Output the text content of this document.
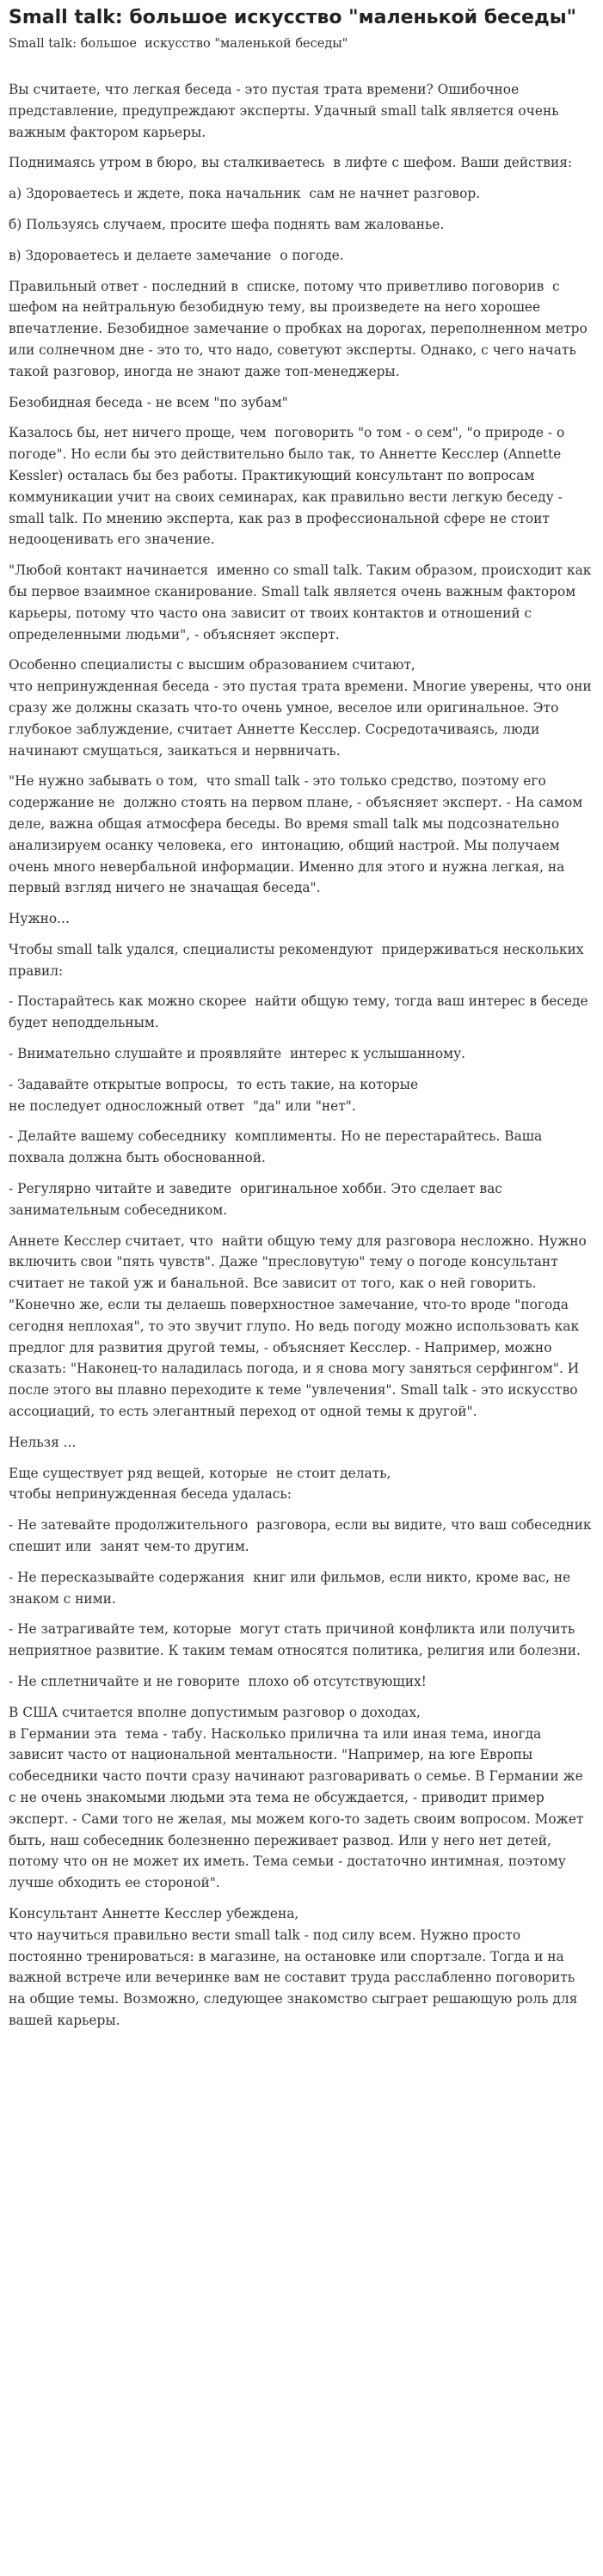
Small talk: большое искусство "маленькой беседы"

Small talk: большое  искусство "маленькой беседы"

Вы считаете, что легкая беседа - это пустая трата времени? Ошибочное представление, предупреждают эксперты. Удачный small talk является очень важным фактором карьеры.

Поднимаясь утром в бюро, вы сталкиваетесь  в лифте с шефом. Ваши действия:

а) Здороваетесь и ждете, пока начальник  сам не начнет разговор.

б) Пользуясь случаем, просите шефа поднять вам жалованье.

в) Здороваетесь и делаете замечание  о погоде.

Правильный ответ - последний в  списке, потому что приветливо поговорив  с шефом на нейтральную безобидную тему, вы произведете на него хорошее  впечатление. Безобидное замечание о пробках на дорогах, переполненном метро или солнечном дне - это то, что надо, советуют эксперты. Однако, с чего начать такой разговор, иногда не знают даже топ-менеджеры.

Безобидная беседа - не всем "по зубам"

Казалось бы, нет ничего проще, чем  поговорить "о том - о сем", "о природе - о погоде". Но если бы это действительно было так, то Аннетте Кесслер (Annette Kessler) осталась бы без работы. Практикующий консультант по вопросам коммуникации учит на своих семинарах, как правильно вести легкую беседу - small talk. По мнению эксперта, как раз в профессиональной сфере не стоит недооценивать его значение.

"Любой контакт начинается  именно со small talk. Таким образом, происходит как бы первое взаимное сканирование. Small talk является очень важным фактором карьеры, потому что часто она зависит от твоих контактов и отношений с определенными людьми", - объясняет эксперт.

Особенно специалисты с высшим образованием считают,
что непринужденная беседа - это пустая трата времени. Многие уверены, что они сразу же должны сказать что-то очень умное, веселое или оригинальное. Это глубокое заблуждение, считает Аннетте Кесслер. Сосредотачиваясь, люди начинают смущаться, заикаться и нервничать.

"Не нужно забывать о том,  что small talk - это только средство, поэтому его содержание не  должно стоять на первом плане, - объясняет эксперт. - На самом  деле, важна общая атмосфера беседы. Во время small talk мы подсознательно
анализируем осанку человека, его  интонацию, общий настрой. Мы получаем очень много невербальной информации. Именно для этого и нужна легкая, на первый взгляд ничего не значащая беседа".

Нужно...

Чтобы small talk удался, специалисты рекомендуют  придерживаться нескольких правил:

- Постарайтесь как можно скорее  найти общую тему, тогда ваш интерес в беседе будет неподдельным.

- Внимательно слушайте и проявляйте  интерес к услышанному.

- Задавайте открытые вопросы,  то есть такие, на которые
не последует односложный ответ  "да" или "нет".

- Делайте вашему собеседнику  комплименты. Но не перестарайтесь. Ваша похвала должна быть обоснованной.

- Регулярно читайте и заведите  оригинальное хобби. Это сделает вас занимательным собеседником.

Аннете Кесслер считает, что  найти общую тему для разговора несложно. Нужно включить свои "пять чувств". Даже "пресловутую" тему о погоде консультант считает не такой уж и банальной. Все зависит от того, как о ней говорить. "Конечно же, если ты делаешь поверхностное замечание, что-то вроде "погода сегодня неплохая", то это звучит глупо. Но ведь погоду можно использовать как предлог для развития другой темы, - объясняет Кесслер. - Например, можно сказать: "Наконец-то наладилась погода, и я снова могу заняться серфингом". И после этого вы плавно переходите к теме "увлечения". Small talk - это искусство ассоциаций, то есть элегантный переход от одной темы к другой".

Нельзя ...

Еще существует ряд вещей, которые  не стоит делать,
чтобы непринужденная беседа удалась:

- Не затевайте продолжительного  разговора, если вы видите, что ваш собеседник спешит или  занят чем-то другим.

- Не пересказывайте содержания  книг или фильмов, если никто, кроме вас, не знаком с ними.

- Не затрагивайте тем, которые  могут стать причиной конфликта или получить неприятное развитие. К таким темам относятся политика, религия или болезни.

- Не сплетничайте и не говорите  плохо об отсутствующих!

В США считается вполне допустимым разговор о доходах,
в Германии эта  тема - табу. Насколько прилична та или иная тема, иногда зависит часто от национальной ментальности. "Например, на юге Европы собеседники часто почти сразу начинают разговаривать о семье. В Германии же с не очень знакомыми людьми эта тема не обсуждается, - приводит пример эксперт. - Сами того не желая, мы можем кого-то задеть своим вопросом. Может быть, наш собеседник болезненно переживает развод. Или у него нет детей, потому что он не может их иметь. Тема семьи - достаточно интимная, поэтому лучше обходить ее стороной".

Консультант Аннетте Кесслер убеждена,
что научиться правильно вести small talk - под силу всем. Нужно просто постоянно тренироваться: в магазине, на остановке или спортзале. Тогда и на важной встрече или вечеринке вам не составит труда расслабленно поговорить на общие темы. Возможно, следующее знакомство сыграет решающую роль для вашей карьеры.
